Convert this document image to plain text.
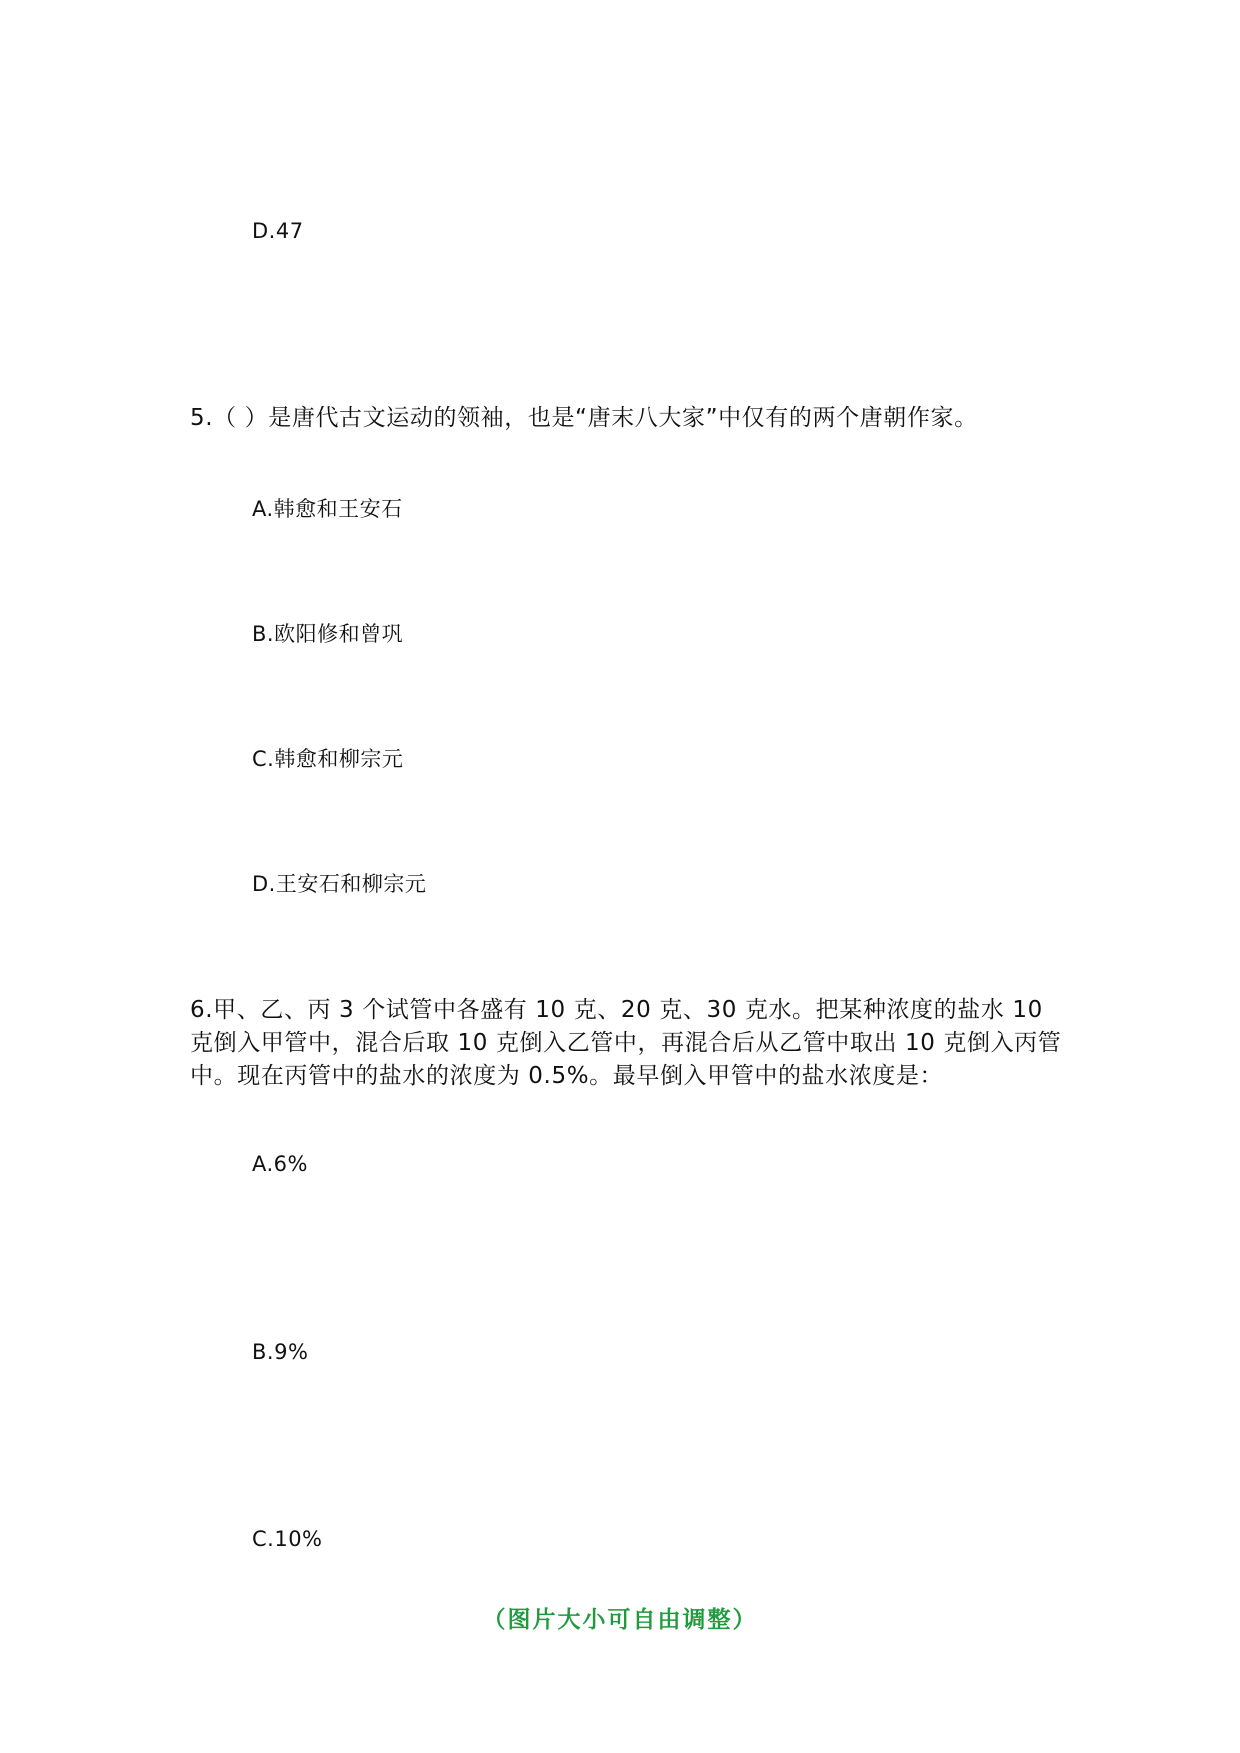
D.47
5.（ ）是唐代古文运动的领袖，也是“唐末八大家”中仅有的两个唐朝作家。
A.韩愈和王安石
B.欧阳修和曾巩
C.韩愈和柳宗元
D.王安石和柳宗元
6.甲、乙、丙 3 个试管中各盛有 10 克、20 克、30 克水。把某种浓度的盐水 10 克倒入甲管中，混合后取 10 克倒入乙管中，再混合后从乙管中取出 10 克倒入丙管中。现在丙管中的盐水的浓度为 0.5%。最早倒入甲管中的盐水浓度是：
A.6%
B.9%
C.10%
（图片大小可自由调整）
